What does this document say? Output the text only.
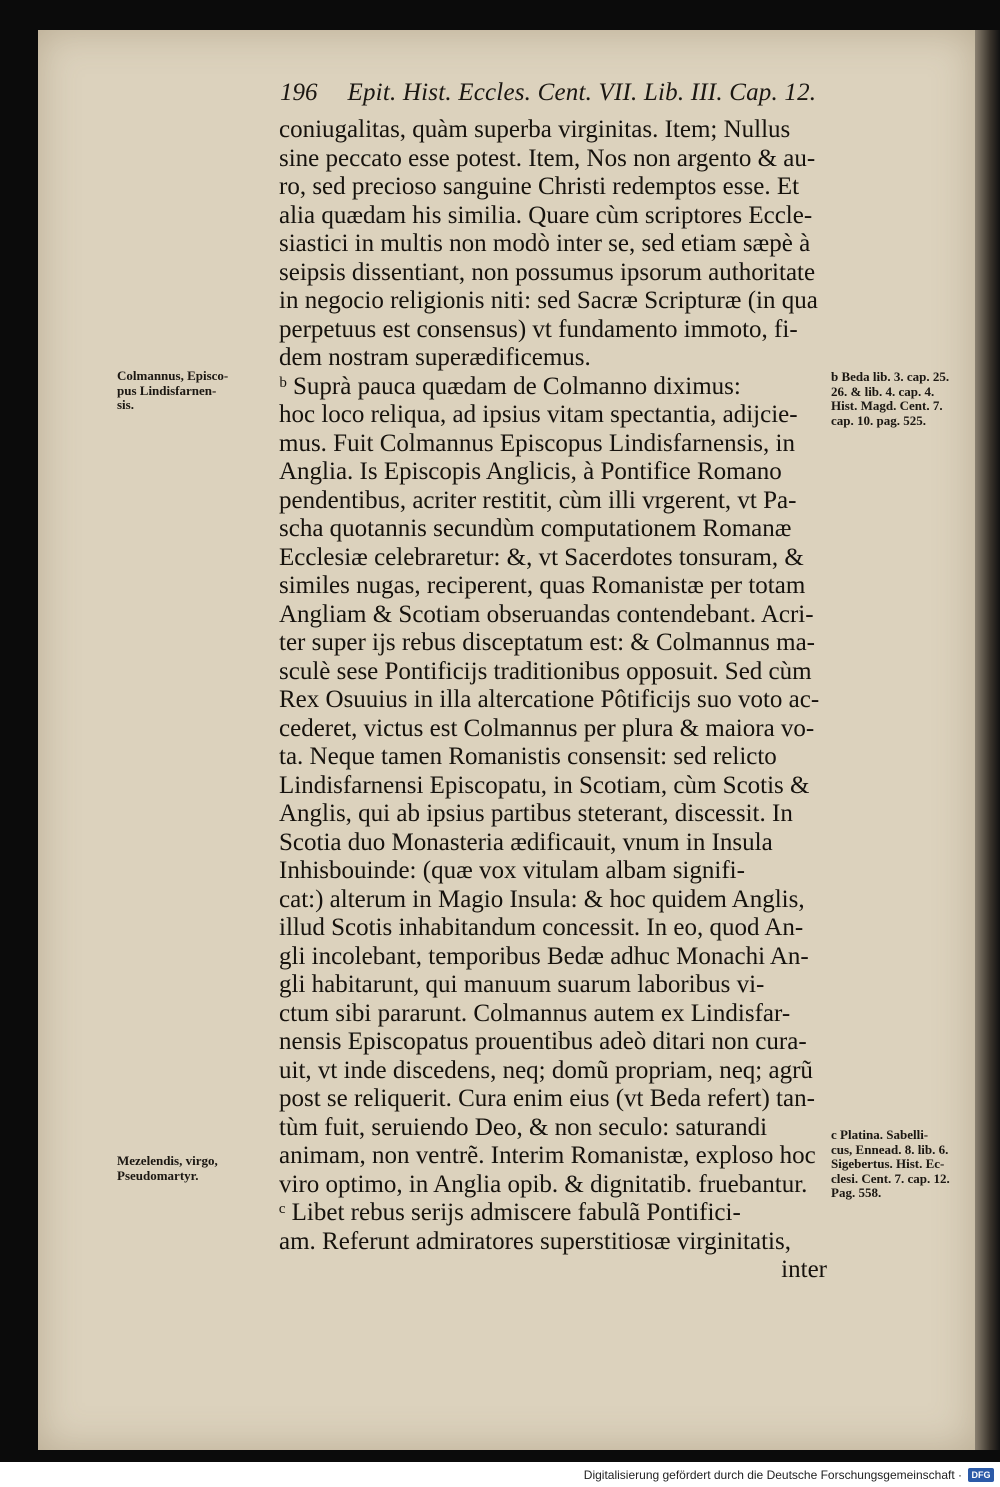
196 Epit. Hist. Eccles. Cent. VII. Lib. III. Cap. 12.
coniugalitas, quàm superba virginitas. Item; Nullus
sine peccato esse potest. Item, Nos non argento & au-
ro, sed precioso sanguine Christi redemptos esse. Et
alia quædam his similia. Quare cùm scriptores Eccle-
siastici in multis non modò inter se, sed etiam sæpè à
seipsis dissentiant, non possumus ipsorum authoritate
in negocio religionis niti: sed Sacræ Scripturæ (in qua
perpetuus est consensus) vt fundamento immoto, fi-
dem nostram superædificemus.
ᵇ Suprà pauca quædam de Colmanno diximus:
hoc loco reliqua, ad ipsius vitam spectantia, adijcie-
mus. Fuit Colmannus Episcopus Lindisfarnensis, in
Anglia. Is Episcopis Anglicis, à Pontifice Romano
pendentibus, acriter restitit, cùm illi vrgerent, vt Pa-
scha quotannis secundùm computationem Romanæ
Ecclesiæ celebraretur: &, vt Sacerdotes tonsuram, &
similes nugas, reciperent, quas Romanistæ per totam
Angliam & Scotiam obseruandas contendebant. Acri-
ter super ijs rebus disceptatum est: & Colmannus ma-
sculè sese Pontificijs traditionibus opposuit. Sed cùm
Rex Osuuius in illa altercatione Pôtificijs suo voto ac-
cederet, victus est Colmannus per plura & maiora vo-
ta. Neque tamen Romanistis consensit: sed relicto
Lindisfarnensi Episcopatu, in Scotiam, cùm Scotis &
Anglis, qui ab ipsius partibus steterant, discessit. In
Scotia duo Monasteria ædificauit, vnum in Insula
Inhisbouinde: (quæ vox vitulam albam signifi-
cat:) alterum in Magio Insula: & hoc quidem Anglis,
illud Scotis inhabitandum concessit. In eo, quod An-
gli incolebant, temporibus Bedæ adhuc Monachi An-
gli habitarunt, qui manuum suarum laboribus vi-
ctum sibi pararunt. Colmannus autem ex Lindisfar-
nensis Episcopatus prouentibus adeò ditari non cura-
uit, vt inde discedens, neq; domũ propriam, neq; agrũ
post se reliquerit. Cura enim eius (vt Beda refert) tan-
tùm fuit, seruiendo Deo, & non seculo: saturandi
animam, non ventrẽ. Interim Romanistæ, exploso hoc
viro optimo, in Anglia opib. & dignitatib. fruebantur.
ᶜ Libet rebus serijs admiscere fabulã Pontifici-
am. Referunt admiratores superstitiosæ virginitatis,
inter
Colmannus, Episco-
pus Lindisfarnen-
sis.
Mezelendis, virgo,
Pseudomartyr.
b Beda lib. 3. cap. 25.
26. & lib. 4. cap. 4.
Hist. Magd. Cent. 7.
cap. 10. pag. 525.
c Platina. Sabelli-
cus, Ennead. 8. lib. 6.
Sigebertus. Hist. Ec-
clesi. Cent. 7. cap. 12.
Pag. 558.
Digitalisierung gefördert durch die Deutsche Forschungsgemeinschaft ·	DFG
